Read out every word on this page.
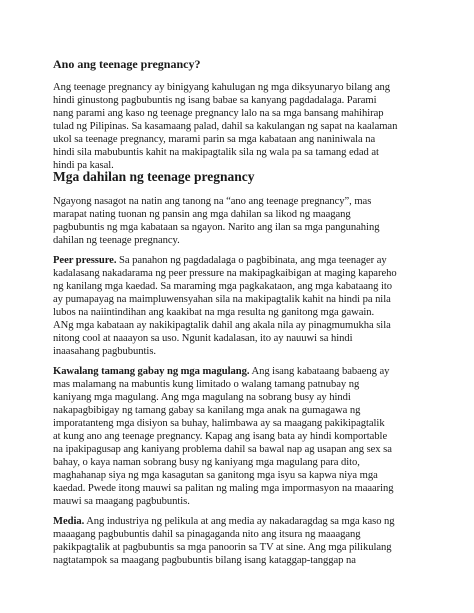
Ano ang teenage pregnancy?
Ang teenage pregnancy ay binigyang kahulugan ng mga diksyunaryo bilang ang
hindi ginustong pagbubuntis ng isang babae sa kanyang pagdadalaga. Parami
nang parami ang kaso ng teenage pregnancy lalo na sa mga bansang mahihirap
tulad ng Pilipinas. Sa kasamaang palad, dahil sa kakulangan ng sapat na kaalaman
ukol sa teenage pregnancy, marami parin sa mga kabataan ang naniniwala na
hindi sila mabubuntis kahit na makipagtalik sila ng wala pa sa tamang edad at
hindi pa kasal.
Mga dahilan ng teenage pregnancy
Ngayong nasagot na natin ang tanong na “ano ang teenage pregnancy”, mas
marapat nating tuonan ng pansin ang mga dahilan sa likod ng maagang
pagbubuntis ng mga kabataan sa ngayon. Narito ang ilan sa mga pangunahing
dahilan ng teenage pregnancy.
Peer pressure. Sa panahon ng pagdadalaga o pagbibinata, ang mga teenager ay
kadalasang nakadarama ng peer pressure na makipagkaibigan at maging kapareho
ng kanilang mga kaedad. Sa maraming mga pagkakataon, ang mga kabataang ito
ay pumapayag na maimpluwensyahan sila na makipagtalik kahit na hindi pa nila
lubos na naiintindihan ang kaakibat na mga resulta ng ganitong mga gawain.
ANg mga kabataan ay nakikipagtalik dahil ang akala nila ay pinagmumukha sila
nitong cool at naaayon sa uso. Ngunit kadalasan, ito ay nauuwi sa hindi
inaasahang pagbubuntis.
Kawalang tamang gabay ng mga magulang. Ang isang kabataang babaeng ay
mas malamang na mabuntis kung limitado o walang tamang patnubay ng
kaniyang mga magulang. Ang mga magulang na sobrang busy ay hindi
nakapagbibigay ng tamang gabay sa kanilang mga anak na gumagawa ng
imporatanteng mga disiyon sa buhay, halimbawa ay sa maagang pakikipagtalik
at kung ano ang teenage pregnancy. Kapag ang isang bata ay hindi komportable
na ipakipagusap ang kaniyang problema dahil sa bawal nap ag usapan ang sex sa
bahay, o kaya naman sobrang busy ng kaniyang mga magulang para dito,
maghahanap siya ng mga kasagutan sa ganitong mga isyu sa kapwa niya mga
kaedad. Pwede itong mauwi sa palitan ng maling mga impormasyon na maaaring
mauwi sa maagang pagbubuntis.
Media. Ang industriya ng pelikula at ang media ay nakadaragdag sa mga kaso ng
maaagang pagbubuntis dahil sa pinagaganda nito ang itsura ng maaagang
pakikpagtalik at pagbubuntis sa mga panoorin sa TV at sine. Ang mga pilikulang
nagtatampok sa maagang pagbubuntis bilang isang kataggap-tanggap na
